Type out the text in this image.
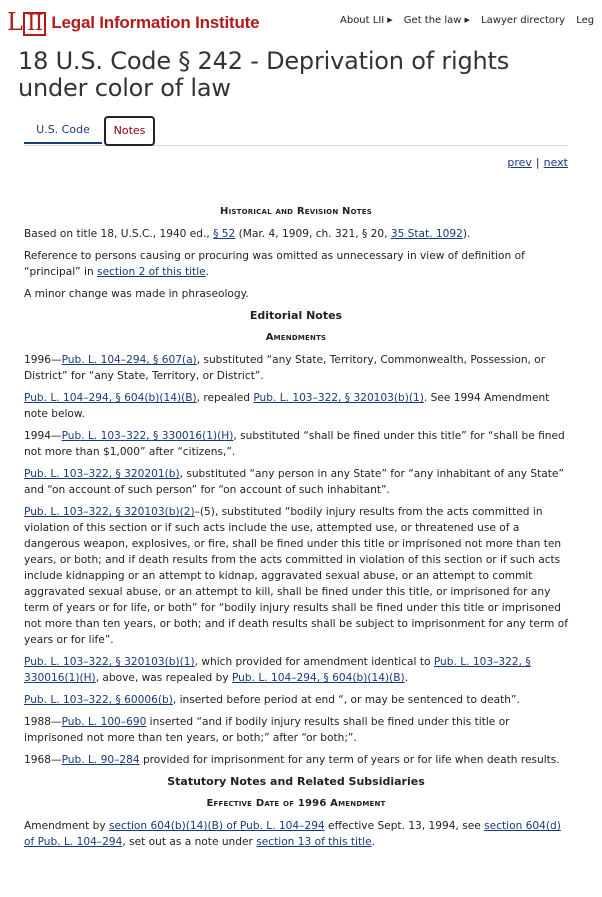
L II Legal Information Institute	About LII ▶ Get the law ▶ Lawyer directory Leg
18 U.S. Code § 242 - Deprivation of rights under color of law
U.S. Code	Notes
prev | next
Historical and Revision Notes

Based on title 18, U.S.C., 1940 ed., § 52 (Mar. 4, 1909, ch. 321, § 20, 35 Stat. 1092).

Reference to persons causing or procuring was omitted as unnecessary in view of definition of “principal” in section 2 of this title.

A minor change was made in phraseology.

Editorial Notes
Amendments

1996—Pub. L. 104–294, § 607(a), substituted “any State, Territory, Commonwealth, Possession, or District” for “any State, Territory, or District”.

Pub. L. 104–294, § 604(b)(14)(B), repealed Pub. L. 103–322, § 320103(b)(1). See 1994 Amendment note below.

1994—Pub. L. 103–322, § 330016(1)(H), substituted “shall be fined under this title” for “shall be fined not more than $1,000” after “citizens,”.

Pub. L. 103–322, § 320201(b), substituted “any person in any State” for “any inhabitant of any State” and “on account of such person” for “on account of such inhabitant”.

Pub. L. 103–322, § 320103(b)(2)–(5), substituted “bodily injury results from the acts committed in violation of this section or if such acts include the use, attempted use, or threatened use of a dangerous weapon, explosives, or fire, shall be fined under this title or imprisoned not more than ten years, or both; and if death results from the acts committed in violation of this section or if such acts include kidnapping or an attempt to kidnap, aggravated sexual abuse, or an attempt to commit aggravated sexual abuse, or an attempt to kill, shall be fined under this title, or imprisoned for any term of years or for life, or both” for “bodily injury results shall be fined under this title or imprisoned not more than ten years, or both; and if death results shall be subject to imprisonment for any term of years or for life”.

Pub. L. 103–322, § 320103(b)(1), which provided for amendment identical to Pub. L. 103–322, § 330016(1)(H), above, was repealed by Pub. L. 104–294, § 604(b)(14)(B).

Pub. L. 103–322, § 60006(b), inserted before period at end “, or may be sentenced to death”.

1988—Pub. L. 100–690 inserted “and if bodily injury results shall be fined under this title or imprisoned not more than ten years, or both;” after “or both;”.

1968—Pub. L. 90–284 provided for imprisonment for any term of years or for life when death results.

Statutory Notes and Related Subsidiaries
Effective Date of 1996 Amendment

Amendment by section 604(b)(14)(B) of Pub. L. 104–294 effective Sept. 13, 1994, see section 604(d) of Pub. L. 104–294, set out as a note under section 13 of this title.
